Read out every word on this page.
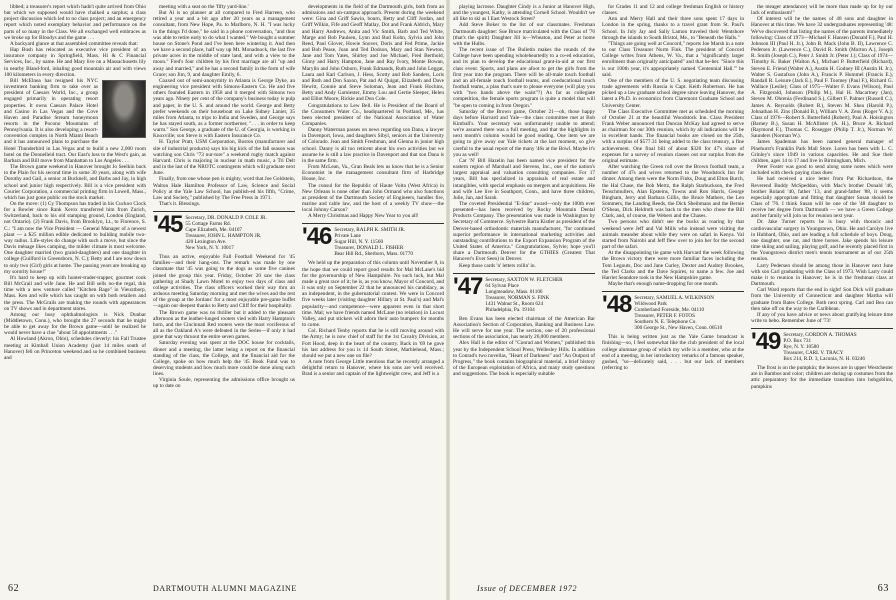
libbed; a treasurer's report which hadn't quite arrived from Ohio but which we supposed would have chalked a surplus; a class project discussion which led to no class project; and an emergency report which noted exemplary behavior and performance on the parts of so many in the Class. We all exchanged well embraces as we broke up for Bloodys and the game . . .

A backyard glance at that assembled committee reveals that:

Hap Bush has relocated as executive vice president of an insurance company in Springfield, Mass. Hi & C Financial Services, Inc., by name. He and Mary live on a Massachusetts lily in nearby Bland-ford, inhaling good mountain air and with views 100 kilometers in every direction.

Bill McElnea has resigned his NYC investment banking firm to take over as president of Caesars World, Inc., a group engaged primarily in operating resort properties. It owns Caesars Palace Hotel and Casino in Las Vegas and the Cove Haven and Paradise Stream honeymoon resorts in the Pocono Mountains of Pennsylvania. It is also developing a resort-convention complex in North Miami Beach and it has announced plans to purchase the Hotel Thunderbird in Las Vegas and to build a new 2,000 room hotel on the Donnelleid tract. Our East's loss to the West's gain, as Barbara and Bill move from Manhattan to Los Angeles . . .

The Brown game weekend in Hanover brought Jo Seelkin back to the Plain for his second time in some 30 years, along with wife Dorothy and Gail, a senior at Bucknell, and Barbs and Jay, in high school and junior high respectively. Bill is a vice president with Courier Corporation, a commercial printing firm in Lowell, Mass., which has just gone public on the stock market.

On the move: (1) Cy Thompson has traded in his Cuckoo Clock for a Bowler since Rank Xerox transferred him from Zurich, Switzerland, back to his old stamping ground, London (England, not Ontario). (2) Frank Davis, from Brooklyn, Lt., to Florence, S. C.: "I am now the Vice President — General Manager of a newest plant — a $25 million edible dedicated to building mobile two-way radios. Life-styles do change with such a move, but since the Davis ménage likes camping, the milder climate is most welcome. One daughter married (two grand-daughters) and one daughter in college (Guilford in Greensboro, N. C.); Betty and I are now down to only two (Girl) girls at home. The passing years are breaking up my sorority house!"

It's hard to keep up with hunter-trader-trapper, gourmet cook Bill McGrail and wife Jane. He and Bill sells no-the regal, this time with a new venture called "Kitchen Rage" in Vieuxthorp, Mass. Ken and wife which has caught on with both retailers and the press. The McGrails are making the rounds with appearances on TV shows and in department stores.

Among our busy ophthalmologists is Nick Dunbar (Middletown, Conn.), who brought the 27 seconds that he might be able to get away for the Brown game—until he realized he would never have a clue "about 50 appointments . . ."

Al Howland (Akron, Ohio), schedules cleverly: his Fall Trustee meeting at Kimball Union Academy (just 14 miles south of Hanover) fell on Princeton weekend and so he combined business and

meeting with a seat on the 'fifty yard-line.'

But Al is no planner at all compared to Fred Harreen, who retired a year and a bit ago after 20 years as a management consultant, from New Hope, Pa. to Marlboro, N. H. "I was lucky in the things I'd done," he said in a phone conversation, "and thus was able to retire early to do what I wanted." We bought a summer house on Stone's Pond and I've been here wintering it. And then we have a second place, half way up Mt. Monadnock, the last five private acres in the middle of state land, and with a view to the moon." Fred's four children by his first marriage are all "up and away and married," and he has a second family in the form of wife Grace; son Jim, 9, and daughter Emily, 6.

Coaxed out of semi-anonymity in Atlanta is George Dyke, an engineering vice president with Simons-Eastern Co. He and five others founded Eastern in 1958 and it merged with Simons two years ago. Ninety per cent of the company's business today is pulp and paper, in the U. S. and around the world. George and Betty prefer weekends on their houseboat on Lake Sidney Lanier, 35 miles from Atlanta, to trips to India and Sweden, and George says he has stayed south, as a former northerner, ". . . in order to keep warm." Son George, a graduate of the U. of Georgia, is working in Knoxville; son Steve is with Eastern Insurance Co.

H. Taylor Pratt, USM Corporation, Boston (manufacturer and site of industrial products) says his big kick of the fall season was watching son Chris "73 nur-ture" a weekend rugby match against Harvard. Chris is majoring in nuclear in math music, a Tri Delt and in the last of the NROTC contingents which will graduate next June.

Finally, from one whose pen is mighty, word that Joe Goldstein, Walton Hale Hamilton Professor of Law, Science and Social Policy at the Yale Law School, has publish-ed his fifth, "Crime, Law and Society," published by The Free Press in 1971.

That's it. Blessings.

'45 Secretary, DR. DONALD P. COLE JR.
55 Cottage Farms Rd.
Cape Elizabeth, Me. 04107
Treasurer, JOHN L. HAMPTON JR.
420 Lexington Ave.
New York, N. Y. 10017

Thus an active, enjoyable Fall Football Weekend for '45 families—and their hang-ons. The remark was made by one classmate that '45 was going to the dogs as some five canines joined the group this year. Friday, October 20 saw the class gathering at Shady Lawn Motel to enjoy two days of class and college activities. The class officers worked their way thru an arduous meeting Saturday morning and met the wives and the rest of the group at the Jordans' for a most enjoyable pre-game buffet—again our deepest thanks to Betty and Cliff for their hospitality.

The Brown game was no thriller but it added to the pleasant afternoon as the leather-lunged rooters vied with Harry Hampton's horn, and the Cincinnati Red rooters were the most vociferous of all as the Oakland A's were defeated in the Series—if only it had gone that way thruout the entire seven games.

Saturday evening was spent at the DOC house for cocktails, dinner and a meeting, the latter being a report on the financial standing of the class, the College, and the financial aid for the College, spoke on how much help the '45 Book Fund was to deserving students and how much more could be done along such lines.

Virginia Soule, representing the admissions office brought us up to date on

developments in the field of the Dartmouth girls, both from an admissions and on-campus approach. Present during the weekend were: Gina and Griff Sawin, bourn, Betty and Cliff Jordan, and Griff Wilkin, Fife and Geoff Matlay, Dot and Frank Aldrich, Mary and Harry Andrews, Anita and Vic Smith, Barb and Ted White, Marge and Bob Paulsen, Lynn and Bud Kohn, Sylvia and John Reed, Paul Glover, Howie Snover, Doris and Fed Prime, Jackie and Bob Pease, Joan and Ted Dodson, Mary and Stan Newton, Jane and Tom Yates, Shirley and Joe Michael, Fred Berthold, Ginny and Harry Hampton, Jane and Ray Ivory, Monte Bowan, Marylin and John Osborn, Frank Edmands, Ruth and John Leggat, Laura and Karl Carlson, J. Hess, Scotty and Bob Sanders, Loris and Ruth and Don Saxon, Pat and Al Quigat, Elizabeth and Dave Hewitt, Connie and Steve Soloman, Jean and Frank Hochins, Betty and Andy Garniester, Emmy Lou and Gertie Sleeper, Helen and Elliot Moore, Rickie and Don Cole.

Congratulations to Lew Bell. He is President of the Board of the Consumers Water Co., headquartered in Portland, Me., has been elected president of the National Association of Water Companies.

Danny Waterman passes on news regarding son Dana, a lawyer in Davenport, Iowa, and daughters Sibyl, seniors at the University of Colorado. Jean and Smith Freshman, and Glenna in junior high school. Danny is all too reticent about his own activities but we assume he is still a law practice in Davenport and that son Dana is in the same firm.

From McLean, Va., Gran Beals lets us know that he is a Senior Economist in the management consultant firm of Harbridge House, Inc.

The consul for the Republic of Haute Volta (West Africa) in New Orleans is none other than John Ormand who also functions as president of the Dartmouth Society of Engineers, handles fire, marine and cable law, and the host of a weekly TV show—the local Johnny Carson?

A Merry Christmas and Happy New Year to you all!

'46 Secretary, RALPH K. SMITH JR.
Private Lane
Sugar Hill, N. Y. 11560
Treasurer, DONALD L. FISHER
Bear Hill Rd., Sherborn, Mass. 01770

We held up the preparation of this column until November 8, in the hope that we could report good results for Mal McLane's bid for the governorship of New Hampshire. No such luck, but Mal made a great race of it; he is, as you know, Mayor of Concord, and it was only on September 22 that he announced his candidacy, as an independent, in the gubernatorial contest. We were in Concord five weeks later (visiting daughter Hillary at St. Paul's) and Mal's popularity—and competence—were apparent even in that short time. Mal; we have friends named McLane (no relation) in Locust Valley, and put stickers will adorn their auto bumpers for months to come.

Col. Richard Tenby reports that he is still moving around with the Army; he is now chief of staff for the 1st Cavalry Division, at Fort Hood, deep in the heart of the country. Back in '69 he gave his last address for you is 14 South Street, Marblehead, Mass.; should we put a new one on file?

A note from George Little mentions that he recently arranged a delightful return to Hanover, where his sons are well received. Brad is a senior and captain of the lightweight crew, and Jeff is a

playing lacrosse. Daughter Cindy is a Junior at Hanover High, and the youngest, Kathy, is attending Cornell School. Wouldn't we all like to ski as I East Westock Street?

Add Steve Boker to the list of our classmates. Freshman Dartmouth daughter: Sue Bruce matriculated with the Class of '76 (that's the spirit) Daughter Jill is—Wheaton, and Peter at home with the Hulbs.

The recent issue of The Bulletin makes the rounds of the College have been upending wholeheartedly to a co-ed education, and its plan to develop the educational grant-in-aid at our first class event. Sports, and plans are afoot to get the girls from the first year into the program. There will be all-male touch football and an all-female touch football teams, and coeducational touch football teams, a plan that's sure to please everyone (will play you with "two hands above the waist"?) As far as collegiate competition, the female sports program is quite a model that will "be open to coming in from Oregon."

Saturday of the Brown game, October 21—oh, those happy days before Harvard and Yale—the class committee met at Bob Kimball's. Your secretary was unfortunately unable to attend; we're assured there was a full meeting, and that the highlights in next month's column would be good reading. One item we are going to give away our Yale tickets at the last moment, so give careful to the usual report of the many '46s at the Bowl. Maybe it's you as well!

Car 'N' Bill Hazelin has been named vice president for the eastern region of Marshall and Stevens, Inc., one of the nation's largest appraisal and valuation consulting companies. For 17 years, Bill has specialized in appraisals of real estate and intangibles, with special emphasis on mergers and acquisitions. He and wife Lee live in Southport, Conn., and have three children, Julie, Jan, and Sarah.

The coveted Presidential "E-Star" award—only the 100th ever presented—has been received by Rocky Mountain Dental Products Company. The presentation was made in Washington by Secretary of Commerce. Sylvestre Barra Kistler as president of the Denver-based orthodontic materials manufacturer, "for continued superior performance in international marketing activities and outstanding contributions to the Export Expansion Program of the United States of America." Congratulations, Sylvie; hope you'll share a Dartmouth Denver for the GTHIES (Greatest That Hanover's Ever Seen) in Denver.

Keep those cards 'n' letters rollin' in.

'47 Secretary, SAXTON W. FLETCHER
64 Sylvan Place
Longmeadow, Mass. 01106
Treasurer, NORMAN S. FINK
1431 Walnut St., Room 624
Philadelphia, Pa. 19104

Ben Evans has been elected chairman of the American Bar Association's Section of Corporation, Banking and Business Law. He will serve for one year. The section, one of 20 professional sections of the association, has nearly 26,000 members.

Alex Hall is the editor of "Conrad and Women," published this year by the Independent School Press, Wellesley Hills. In addition to Conrad's two novellas, "Heart of Darkness" and "An Outpost of Progress," the book contains biographical material, a brief history of the European exploitation of Africa, and many study questions and suggestions. The book is especially suitable

for Grades 11 and 12 and college freshman English or history classes.

Ann and Merry Hall and their three sons spent 17 days in London in the spring, thanks to a travel grant from St. Paul's School. In July Jay and Sally Lamon traveled their Wentshore through the islands to South Bristol, Me., to "Beneath the Halls."

"Things are going well at Concord," reports Joe Marsh in a note to our Class Treasurer Norm Fink. The president of Concord College writes from Athens, W. Va., that a "significantly larger enrollment than originally anticipated" and that he-ber. "Since this is our 100th year, it's appropriately named 'Centennial Hall.'" he said.

One of the members of the U. S. negotiating team discussing trade agreements with Russia is Capt. Keith Robertson. He has picked up a law graduate school degree since leaving Hanover, the latest a Ph.D. in economics from Claremont Graduate School and University Center.

The Class Executive Committee met as scheduled the morning of October 21 at the beautiful Woodstock Inn. Class President Frank Weber announced that Duncan McKay had agreed to serve as chairman for our 30th reunion, which by all indications will be in excellent hands. The financial books are closed on the 25th, with a surplus of $577.31 being added to the class treasury, a fine achievement. One final bill of about $320 for 47's share of expenses for a survey of reunion classes out our surplus from the original estimate.

After watching the Green roll over the Brown football team, a number of 47s and wives returned to the Woodstock Inn for dinner. Among them were the Norm Finks, Doug and Elton Burch, the Hal Chase, the Bob Mertz, the Ralph Starbuckson, the Fred Tenschmullers, Alan Epsteins, Towns and Ron Harris, George Bingham, Jerry and Barbara Gillis, the Bruce Mathers, the Len Sommers, the Landing Reeds, the Dick Sheibmans and the Bernie O'Sheas, Dick Heldroth was back to the men who chose the Bill Clark, and, of course, the Webers and the Chases.

Two persons who didn't see the bucks as roaring by that weekend were Jeff and Val Mills who instead were visiting the animals meander about while they were on safari in Kenya. Val started from Nairobi and Jeff flew over to join her for the second part of the safari.

At the disappointing tie game with Harvard the week following the Brown victory there were more familiar faces including the Tom Legouts, Doc and Jane Curley, Dexter and Audrey Brookes, the Ted Clarks and the Dave Squires, to name a few. Joe and Harriet Seandore took in the New Hampshire game.

Maybe that's enough name-dropping for one month.

'48 Secretary, SAMUEL A. WILKINSON
Wildwood Park
Cumberland Foreside, Me. 04110
Treasurer, PETER F. FOTOS
Southern N. E. Telephone Co.
300 George St., New Haven, Conn. 06510

This is being written just as the Yale Game broadcast is finishing—so, I feel somewhat like the club president of the local college alumnae group of which my wife is a member, who at the end of a meeting, in her introductory remarks of a famous speaker, gushed, "so—delicately said, . . . but our lack of members (referring to

the meager attendance) will be more than made up for by our lack of enthusiasm!"

Of interest will be the names of 48 sons and daughter in Hanover at this time. We have 32 undergraduates representing '48: We've discovered that listing the names of the parents immediately following: Class of 1973—Michael F. Hansen (Donald F.), Paul H. Johnson III (Paul H. Jr.), John B. Mack (John B. II), Lawrence C. Pedersen Jr. (Lawrence C.), David R. Smith (Morton A.), Joseph R. Smith (Joseph C.), Peter J. Smith Jr. (Peter J.); Class of 1974—Timothy K. Baker (Walton A.), Michael P. Butterfield (Richard), Steven E. Friend (Walter A.), Austin H. Godney III (Austin H. Jr.), Walter S. Gustafson (John A.), Francis P. Hummel (Francis E.), Randall R. Leisure (Jack E.), Paul F. Toomey (Paul F.), Richard G. Wallace (Leslie); Class of 1975—Walter F. Evans (Wilson), Paul A. Fitzgerald, Johnson (Philip M.), Hal H. Macartney (Jan), Steven M. Ohrenia (Ferdinand S.), Gilbert F. Palmer (Russell C.), James A. Reynolds (Robert B.), Steven M. Shea (Harold P.), Johnathan H. Zins (Donald B.), William V. A. Zens (Roger V. A.); Class of 1976—Robert S. Butterfield (Robert), Paul A. Hoisington (Barney B.), Susan H. McAllister (A. H.), Bruce A. Richard (Raymond F.), Thomas C. Rosegger (Philip T. Jr.), Norman W. Saunders (Norman W.).

James Spademan has been named general manager of Pinehurst's Franklin Park Mall Store. Loren has been with L. C. Grinley's since 1949 in various capacities. He and Sue their children, ages 14 to 17 and live in Birmingham, Mich.

Peter Foster was good to send along some notes which were included with check paying class dues:

He had received a nice letter from Pat Richardson, the Reverend Buddy McSpeddon, with Mac's brother Donald '46, brother Roland '40, father '13, and grand-father '88, it seems especially appropriate and fitting that daughter Susan should be Class of '76. I think Susan will be one of the '48 daughter to receive her degree from Dartmouth — we have a Green College and her family will join us for reunion next year.

Dr. Jake Turner reports he is busy with thoracic and cardiovascular surgery in Youngstown, Ohio. He and Carolyn live in Hubbard, Ohio, and are leading a full schedule of boys. Doug, one daughter, one cat, and three horses. Jake spends his leisure time skiing and sailing, playing golf, and he recently placed first in the Youngstown district men's tennis tournament as of our 25th reunion.

Larry Pedersen should be among those in Hanover next June with son Carl graduating with the Class of 1973. Wish Larry could make it to reunion in Hanover; he is in the freshman class at Dartmouth.

Carl Ward reports that the end in sight! Son Dick will graduate from the University of Connecticut and daughter Martha will graduate from Bates College. Both next spring. Carl and Bea can then take off on the way to the Caribbean.

If any of you have advice or news about gratifying leisure time write to bebo. Remember June of '73!

'49 Secretary, GORDON A. THOMAS
P.O. Box 731
Rye, N. Y. 10580
Treasurer, CARL V. TRACY
Box 214, R.D. 3, Laconia, N. H. 03246

The frost is on the pumpkin; the leaves are in upper Westchester are in Bambos and color; children are during up costumes from the attic preparatory for the immediate transition into hobgoblins, pumpkins

62	DARTMOUTH ALUMNI MAGAZINE	Issue of DECEMBER 1972	63
